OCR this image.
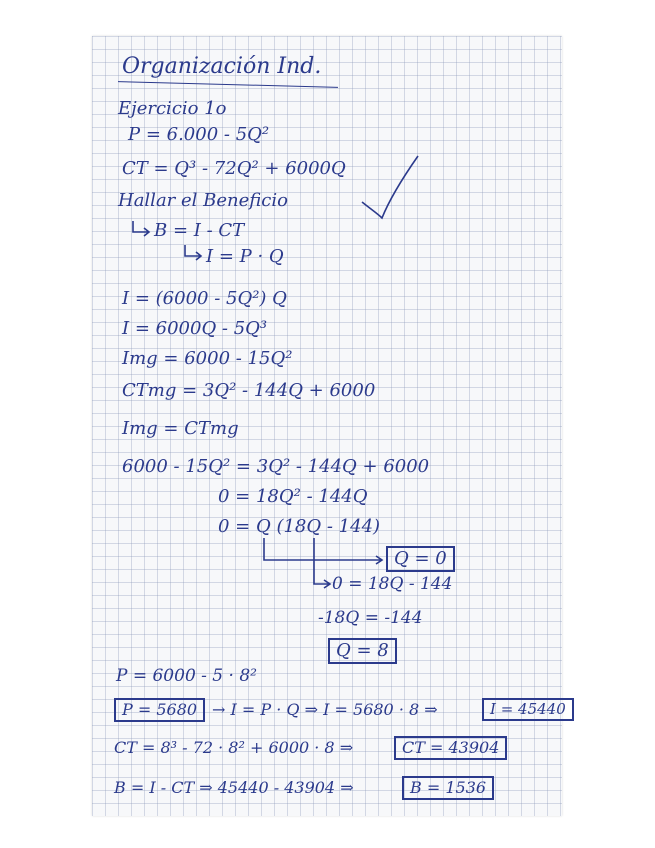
Organización Ind.
Ejercicio 1o
P = 6.000 - 5Q²
CT = Q³ - 72Q² + 6000Q
Hallar el Beneficio
B = I - CT
I = P · Q
I = (6000 - 5Q²) Q
I = 6000Q - 5Q³
Img = 6000 - 15Q²
CTmg = 3Q² - 144Q + 6000
Img = CTmg
6000 - 15Q² = 3Q² - 144Q + 6000
0 = 18Q² - 144Q
0 = Q (18Q - 144)
Q = 0
0 = 18Q - 144
-18Q = -144
Q = 8
P = 6000 - 5 · 8²
P = 5680 → I = P · Q ⇒ I = 5680 · 8 ⇒	I = 45440
CT = 8³ - 72 · 8² + 6000 · 8 ⇒	CT = 43904
B = I - CT ⇒ 45440 - 43904 ⇒	B = 1536
